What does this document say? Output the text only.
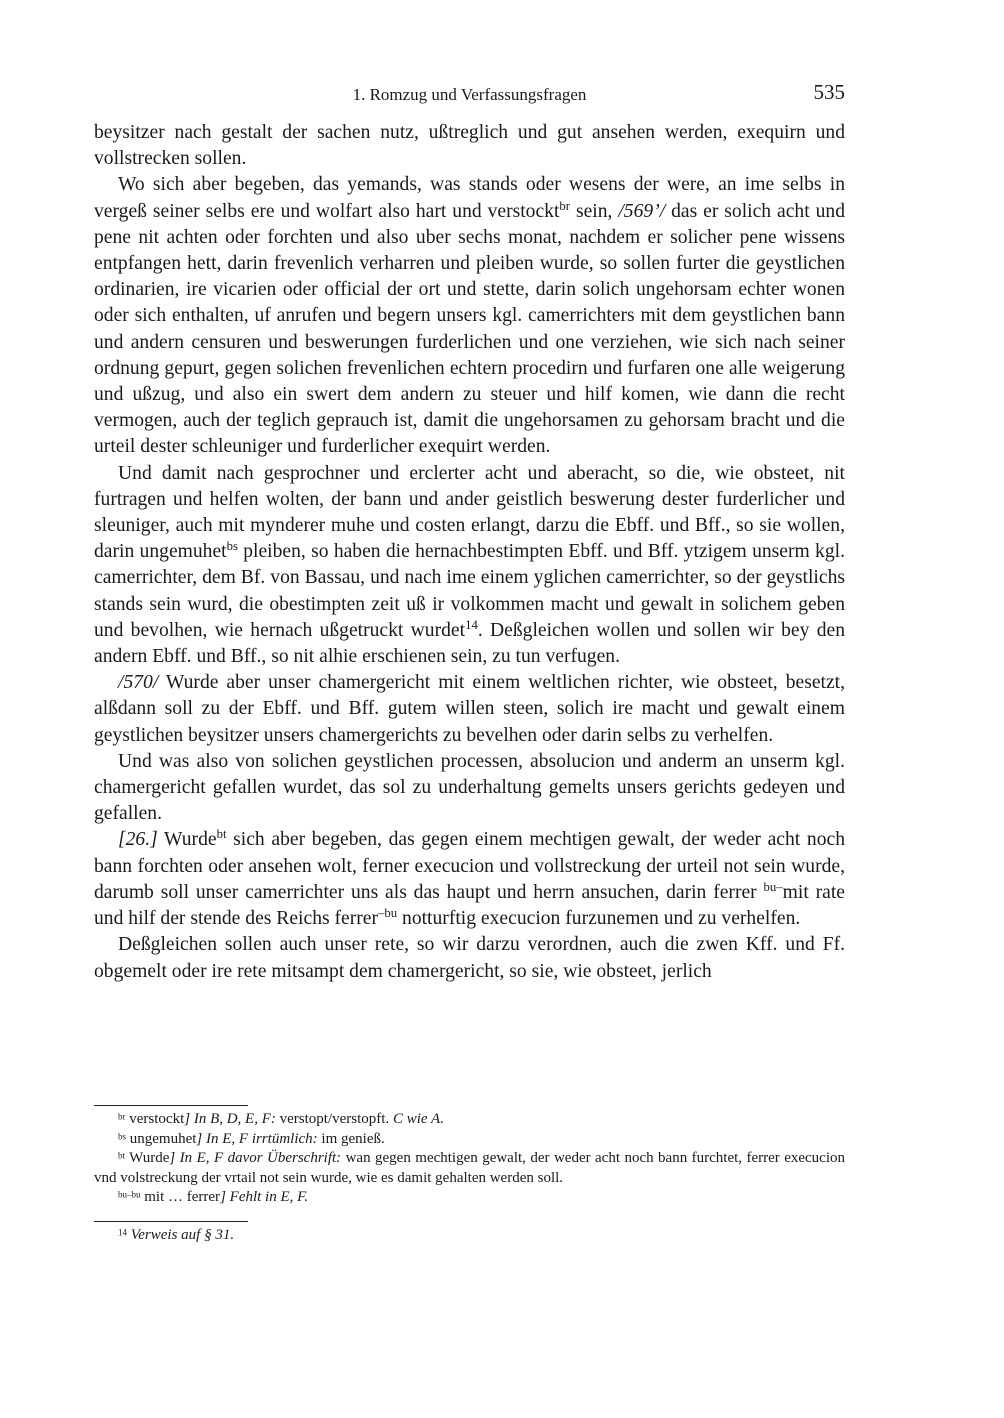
1. Romzug und Verfassungsfragen	535

beysitzer nach gestalt der sachen nutz, ußtreglich und gut ansehen werden, exequirn und vollstrecken sollen.

Wo sich aber begeben, das yemands, was stands oder wesens der were, an ime selbs in vergeß seiner selbs ere und wolfart also hart und verstockt$^{br}$ sein, /569’/ das er solich acht und pene nit achten oder forchten und also uber sechs monat, nachdem er solicher pene wissens entpfangen hett, darin frevenlich verharren und pleiben wurde, so sollen furter die geystlichen ordinarien, ire vicarien oder official der ort und stette, darin solich ungehorsam echter wonen oder sich enthalten, uf anrufen und begern unsers kgl. camerrichters mit dem geystlichen bann und andern censuren und beswerungen furderlichen und one verziehen, wie sich nach seiner ordnung gepurt, gegen solichen frevenlichen echtern procedirn und furfaren one alle weigerung und ußzug, und also ein swert dem andern zu steuer und hilf komen, wie dann die recht vermogen, auch der teglich geprauch ist, damit die ungehorsamen zu gehorsam bracht und die urteil dester schleuniger und furderlicher exequirt werden.

Und damit nach gesprochner und erclerter acht und aberacht, so die, wie obsteet, nit furtragen und helfen wolten, der bann und ander geistlich beswerung dester furderlicher und sleuniger, auch mit mynderer muhe und costen erlangt, darzu die Ebff. und Bff., so sie wollen, darin ungemuhet$^{bs}$ pleiben, so haben die hernachbestimpten Ebff. und Bff. ytzigem unserm kgl. camerrichter, dem Bf. von Bassau, und nach ime einem yglichen camerrichter, so der geystlichs stands sein wurd, die obestimpten zeit uß ir volkommen macht und gewalt in solichem geben und bevolhen, wie hernach ußgetruckt wurdet$^{14}$. Deßgleichen wollen und sollen wir bey den andern Ebff. und Bff., so nit alhie erschienen sein, zu tun verfugen.

/570/ Wurde aber unser chamergericht mit einem weltlichen richter, wie obsteet, besetzt, alßdann soll zu der Ebff. und Bff. gutem willen steen, solich ire macht und gewalt einem geystlichen beysitzer unsers chamergerichts zu bevelhen oder darin selbs zu verhelfen.

Und was also von solichen geystlichen processen, absolucion und anderm an unserm kgl. chamergericht gefallen wurdet, das sol zu underhaltung gemelts unsers gerichts gedeyen und gefallen.

[26.] Wurde$^{bt}$ sich aber begeben, das gegen einem mechtigen gewalt, der weder acht noch bann forchten oder ansehen wolt, ferner execucion und vollstreckung der urteil not sein wurde, darumb soll unser camerrichter uns als das haupt und herrn ansuchen, darin ferrer $^{bu-}$mit rate und hilf der stende des Reichs ferrer$^{-bu}$ notturftig execucion furzunemen und zu verhelfen.

Deßgleichen sollen auch unser rete, so wir darzu verordnen, auch die zwen Kff. und Ff. obgemelt oder ire rete mitsampt dem chamergericht, so sie, wie obsteet, jerlich

$^{br}$ verstockt] In B, D, E, F: verstopt/verstopft. C wie A.

$^{bs}$ ungemuhet] In E, F irrtümlich: im genieß.

$^{bt}$ Wurde] In E, F davor Überschrift: wan gegen mechtigen gewalt, der weder acht noch bann furchtet, ferrer execucion vnd volstreckung der vrtail not sein wurde, wie es damit gehalten werden soll.

$^{bu-bu}$ mit … ferrer] Fehlt in E, F.

$^{14}$ Verweis auf § 31.
